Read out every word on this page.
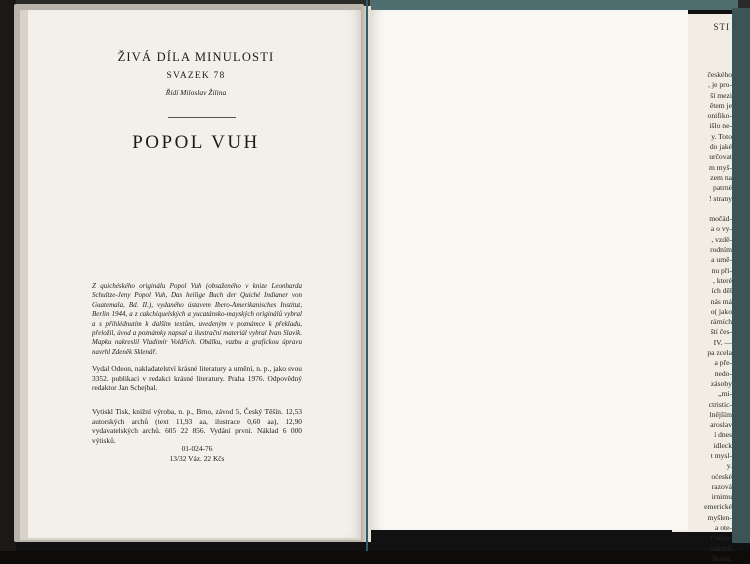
STI
českého
, je pro-
ší mezi
ětem je
onifiko-
išlo ne-
y. Toto
do jaké
určovat
m myš-
zem na
patrné
! strany

močád-
a o vy-
, vzdě-
rodním
a umě-
nu při-
, které
ích děl
nás má
o( jako
rárních
ští čes-
IV. —
pa zcela
a pře-
nedo-
zásoby
„mi-
ctristic-
lnějším
aroslav
í dnes
idleck
t mysl-
y.
oćeské
razová
irnimu
emerické
myšlen-
a ote-
r názo-
eských
Ikami.
ŽIVÁ DÍLA MINULOSTI
SVAZEK 78
Řídí Miloslav Žilina
POPOL VUH
Z quichéského originálu Popol Vuh (obsaženého v knize Leonharda Schultze-Jeny Popol Vuh, Das heilige Buch der Quiché Indianer von Guatemala, Bd. II.), vydaného ústavem Ibero-Amerikanisches Institut, Berlin 1944, a z cakchiquelských a yucatánsko-mayských originálů vybral a s přihlédnutím k dalším textům, uvedeným v poznámce k překladu, přeložil, úvod a poznámky napsal a ilustrační materiál vybral Ivan Slavík. Mapku nakreslil Vladimír Voldřich. Obálku, vazbu a grafickou úpravu navrhl Zdeněk Sklenář.
Vydal Odeon, nakladatelství krásné literatury a umění, n. p., jako svou 3352. publikaci v redakci krásné literatury. Praha 1976. Odpovědný redaktor Jan Schejbal.
Vytiskl Tisk, knižní výroba, n. p., Brno, závod 5, Český Těšín. 12,53 autorských archů (text 11,93 aa, ilustrace 0,60 aa), 12,90 vydavatelských archů. 605 22 856. Vydání první. Náklad 6 000 výtisků.
01-024-76
13/32 Váz. 22 Kčs
